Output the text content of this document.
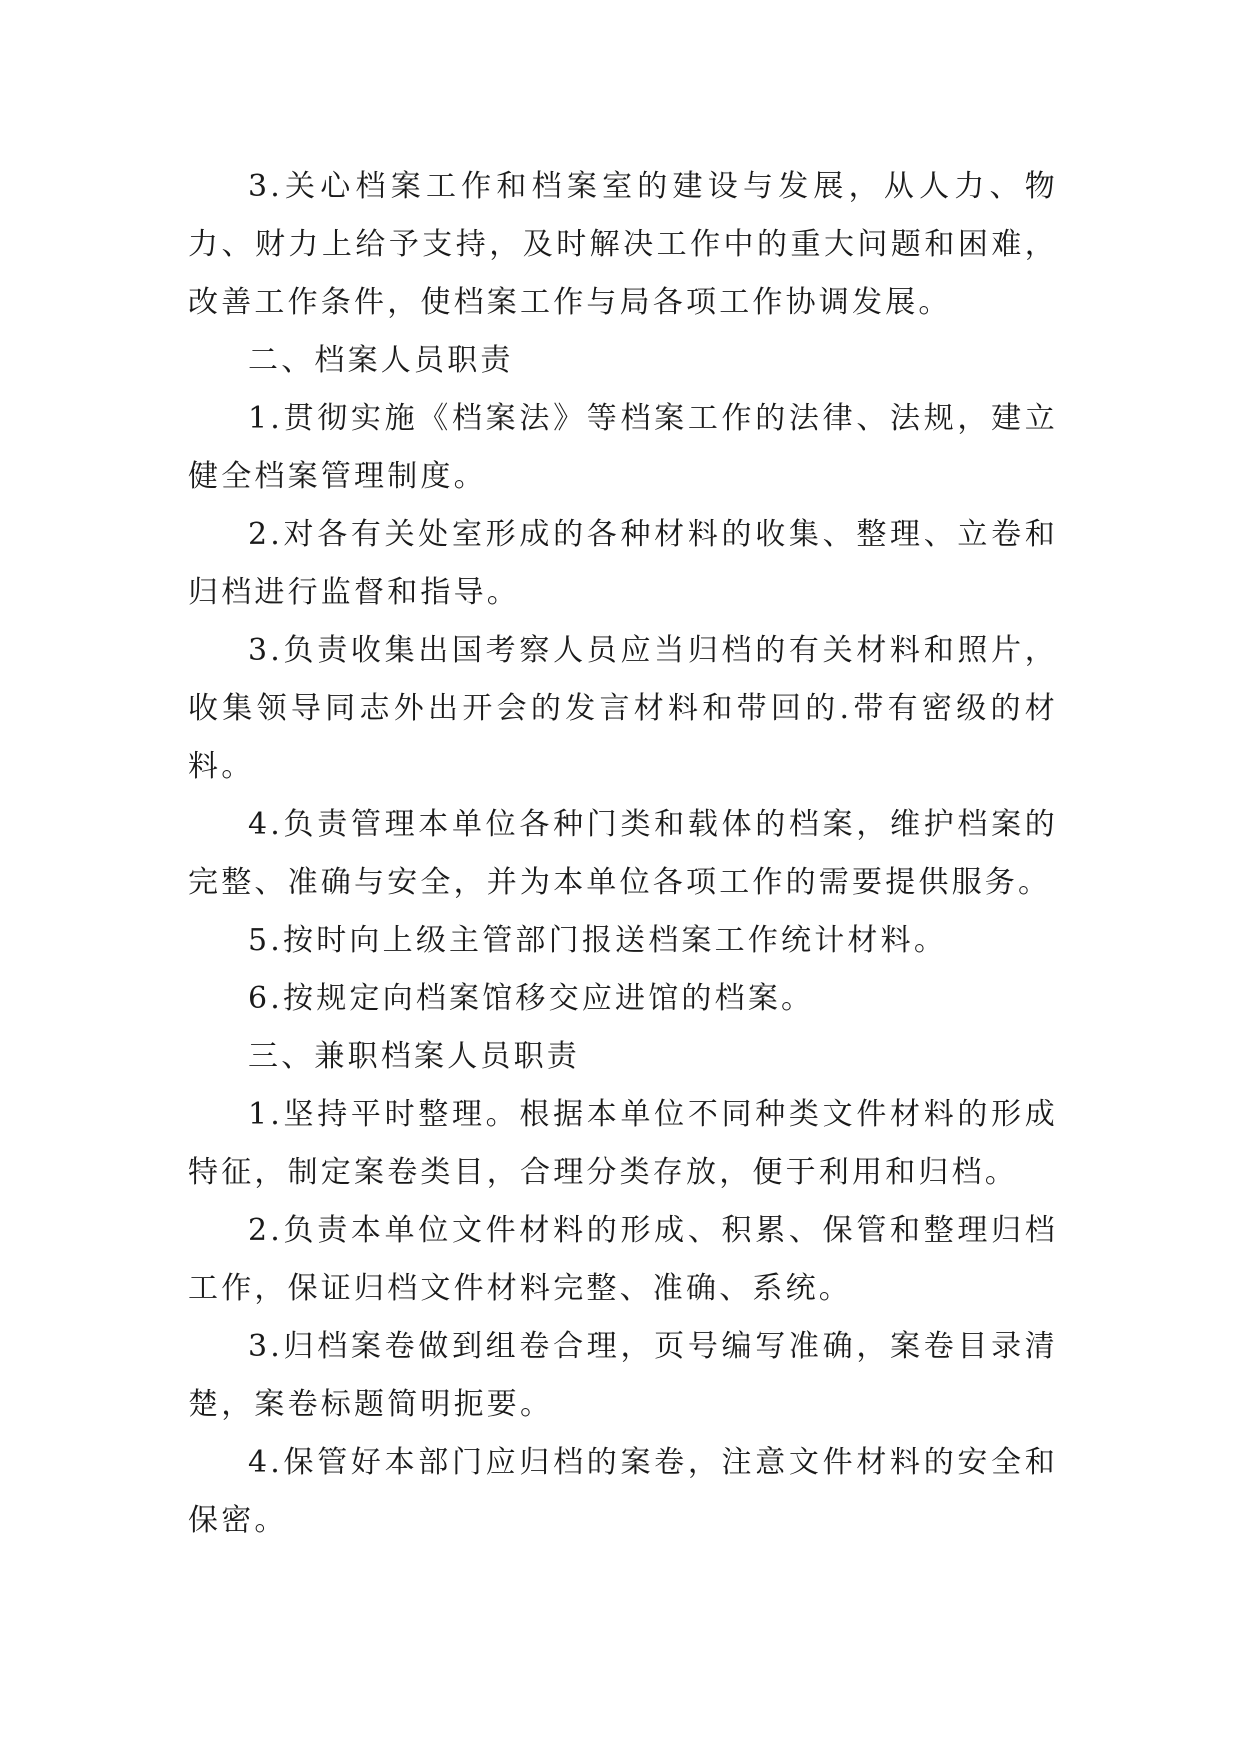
3.关心档案工作和档案室的建设与发展，从人力、物力、财力上给予支持，及时解决工作中的重大问题和困难，改善工作条件，使档案工作与局各项工作协调发展。

二、档案人员职责

1.贯彻实施《档案法》等档案工作的法律、法规，建立健全档案管理制度。

2.对各有关处室形成的各种材料的收集、整理、立卷和归档进行监督和指导。

3.负责收集出国考察人员应当归档的有关材料和照片，收集领导同志外出开会的发言材料和带回的.带有密级的材料。

4.负责管理本单位各种门类和载体的档案，维护档案的完整、准确与安全，并为本单位各项工作的需要提供服务。

5.按时向上级主管部门报送档案工作统计材料。

6.按规定向档案馆移交应进馆的档案。

三、兼职档案人员职责

1.坚持平时整理。根据本单位不同种类文件材料的形成特征，制定案卷类目，合理分类存放，便于利用和归档。

2.负责本单位文件材料的形成、积累、保管和整理归档工作，保证归档文件材料完整、准确、系统。

3.归档案卷做到组卷合理，页号编写准确，案卷目录清楚，案卷标题简明扼要。

4.保管好本部门应归档的案卷，注意文件材料的安全和保密。
